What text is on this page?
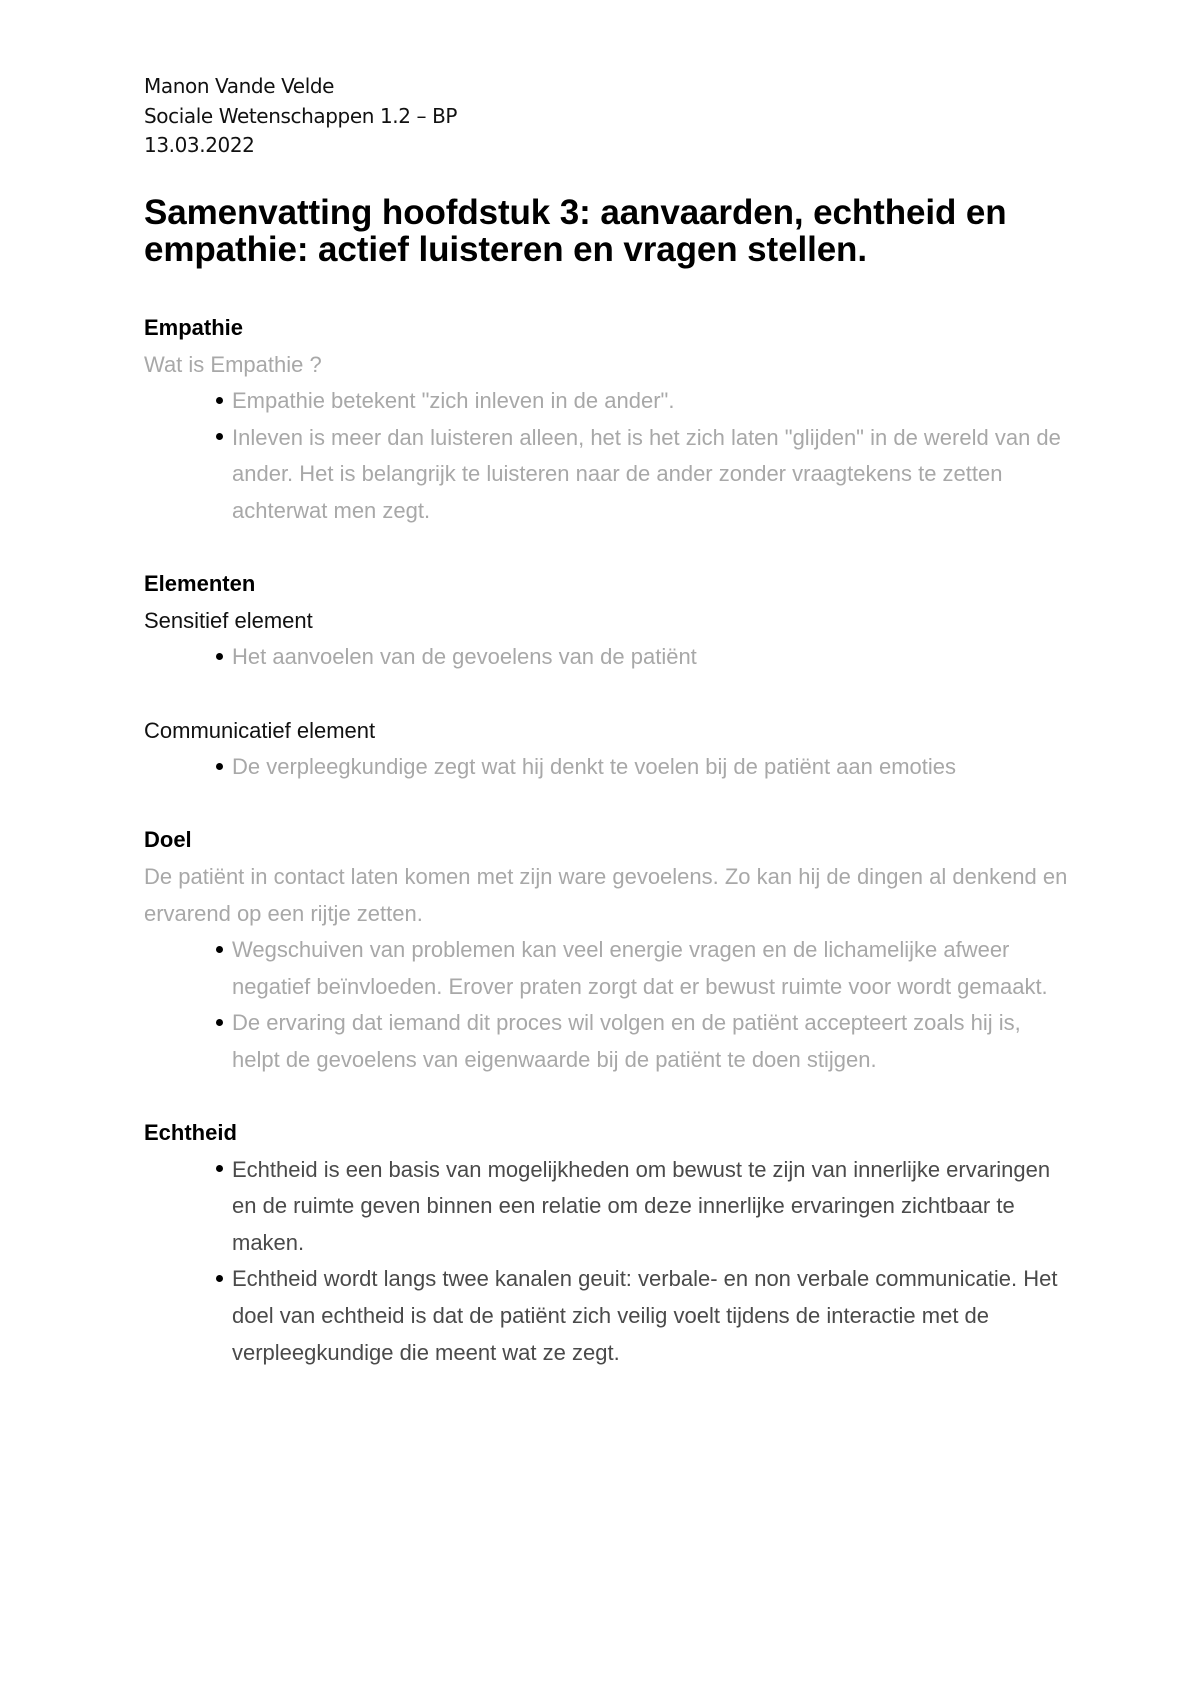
Manon Vande Velde
Sociale Wetenschappen 1.2 – BP
13.03.2022
Samenvatting hoofdstuk 3: aanvaarden, echtheid en empathie: actief luisteren en vragen stellen.

Empathie

Wat is Empathie ?

Empathie betekent "zich inleven in de ander".
Inleven is meer dan luisteren alleen, het is het zich laten "glijden" in de wereld van de ander. Het is belangrijk te luisteren naar de ander zonder vraagtekens te zetten achterwat men zegt.

Elementen

Sensitief element

Het aanvoelen van de gevoelens van de patiënt

Communicatief element

De verpleegkundige zegt wat hij denkt te voelen bij de patiënt aan emoties

Doel

De patiënt in contact laten komen met zijn ware gevoelens. Zo kan hij de dingen al denkend en ervarend op een rijtje zetten.

Wegschuiven van problemen kan veel energie vragen en de lichamelijke afweer negatief beïnvloeden. Erover praten zorgt dat er bewust ruimte voor wordt gemaakt.
De ervaring dat iemand dit proces wil volgen en de patiënt accepteert zoals hij is, helpt de gevoelens van eigenwaarde bij de patiënt te doen stijgen.

Echtheid

Echtheid is een basis van mogelijkheden om bewust te zijn van innerlijke ervaringen en de ruimte geven binnen een relatie om deze innerlijke ervaringen zichtbaar te maken.
Echtheid wordt langs twee kanalen geuit: verbale- en non verbale communicatie. Het doel van echtheid is dat de patiënt zich veilig voelt tijdens de interactie met de verpleegkundige die meent wat ze zegt.
